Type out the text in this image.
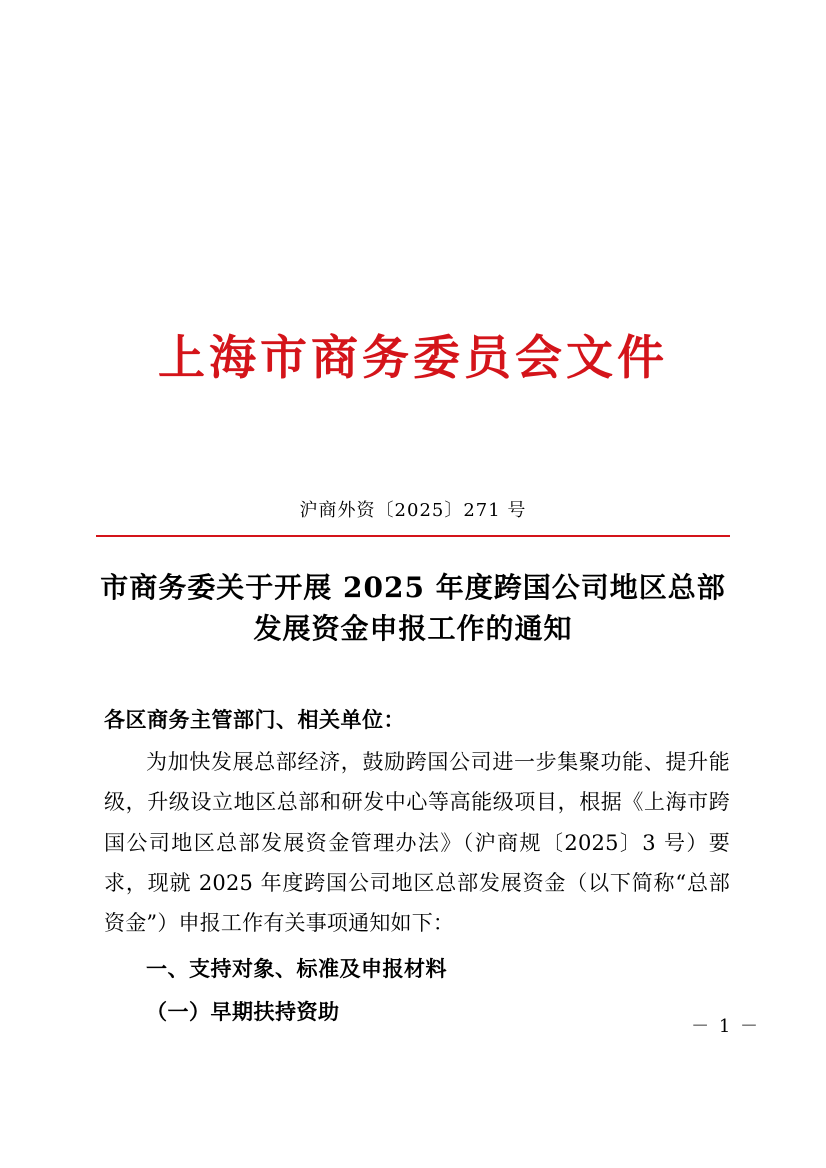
上海市商务委员会文件
沪商外资〔2025〕271 号
市商务委关于开展 2025 年度跨国公司地区总部发展资金申报工作的通知
各区商务主管部门、相关单位：
为加快发展总部经济，鼓励跨国公司进一步集聚功能、提升能级，升级设立地区总部和研发中心等高能级项目，根据《上海市跨国公司地区总部发展资金管理办法》（沪商规〔2025〕3 号）要求，现就 2025 年度跨国公司地区总部发展资金（以下简称“总部资金”）申报工作有关事项通知如下：
一、支持对象、标准及申报材料
（一）早期扶持资助
－ 1 －
